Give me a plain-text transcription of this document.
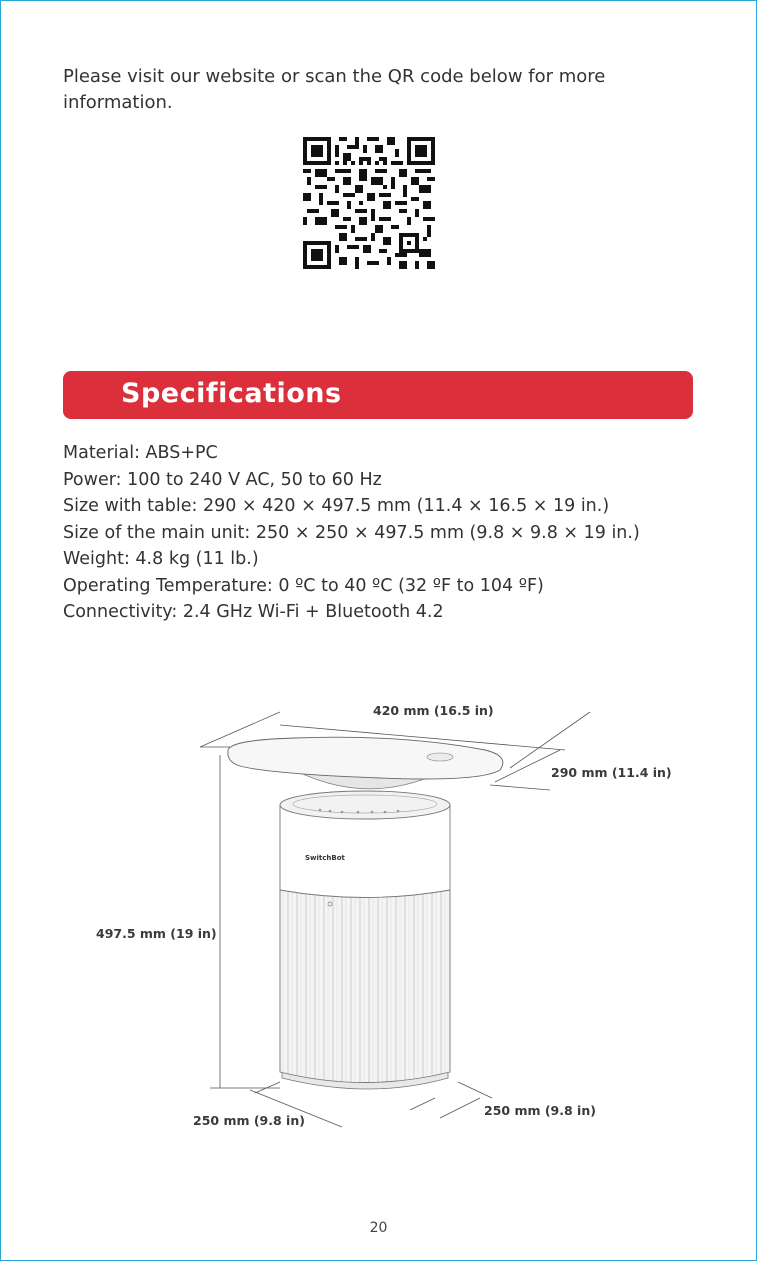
Please visit our website or scan the QR code below for more information.

Specifications
Material: ABS+PC
Power: 100 to 240 V AC, 50 to 60 Hz
Size with table: 290 × 420 × 497.5 mm (11.4 × 16.5 × 19 in.)
Size of the main unit: 250 × 250 × 497.5 mm (9.8 × 9.8 × 19 in.)
Weight: 4.8 kg (11 lb.)
Operating Temperature: 0 ºC to 40 ºC (32 ºF to 104 ºF)
Connectivity: 2.4 GHz Wi-Fi + Bluetooth 4.2
SwitchBot
420 mm (16.5 in)
290 mm (11.4 in)
497.5 mm (19 in)
250 mm (9.8 in)
250 mm (9.8 in)
20
